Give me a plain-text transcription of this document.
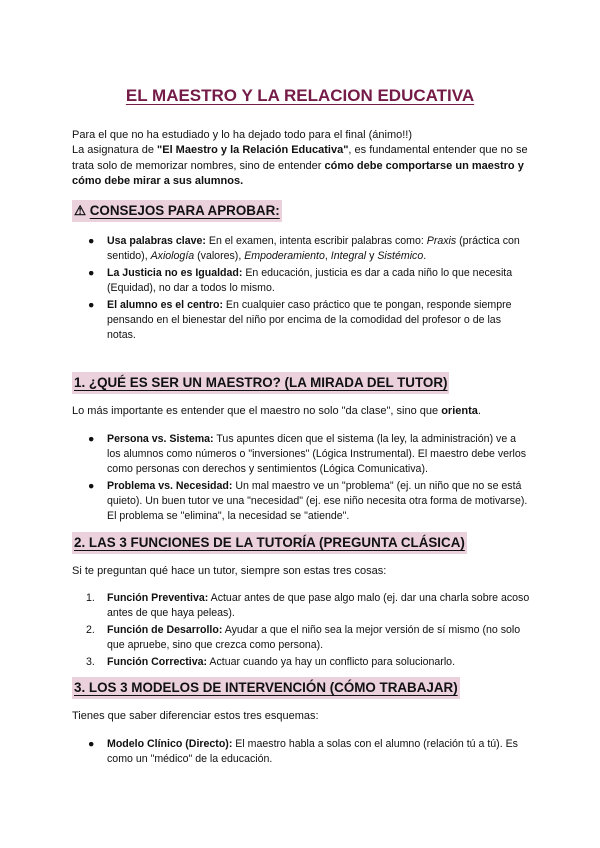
EL MAESTRO Y LA RELACION EDUCATIVA

Para el que no ha estudiado y lo ha dejado todo para el final (ánimo!!)

La asignatura de "El Maestro y la Relación Educativa", es fundamental entender que no se trata solo de memorizar nombres, sino de entender cómo debe comportarse un maestro y cómo debe mirar a sus alumnos.

⚠ CONSEJOS PARA APROBAR:
●	Usa palabras clave: En el examen, intenta escribir palabras como: Praxis (práctica con sentido), Axiología (valores), Empoderamiento, Integral y Sistémico.
●	La Justicia no es Igualdad: En educación, justicia es dar a cada niño lo que necesita (Equidad), no dar a todos lo mismo.
●	El alumno es el centro: En cualquier caso práctico que te pongan, responde siempre pensando en el bienestar del niño por encima de la comodidad del profesor o de las notas.
1. ¿QUÉ ES SER UN MAESTRO? (LA MIRADA DEL TUTOR)

Lo más importante es entender que el maestro no solo "da clase", sino que orienta.

●	Persona vs. Sistema: Tus apuntes dicen que el sistema (la ley, la administración) ve a los alumnos como números o "inversiones" (Lógica Instrumental). El maestro debe verlos como personas con derechos y sentimientos (Lógica Comunicativa).
●	Problema vs. Necesidad: Un mal maestro ve un "problema" (ej. un niño que no se está quieto). Un buen tutor ve una "necesidad" (ej. ese niño necesita otra forma de motivarse). El problema se "elimina", la necesidad se "atiende".
2. LAS 3 FUNCIONES DE LA TUTORÍA (PREGUNTA CLÁSICA)

Si te preguntan qué hace un tutor, siempre son estas tres cosas:

1.	Función Preventiva: Actuar antes de que pase algo malo (ej. dar una charla sobre acoso antes de que haya peleas).
2.	Función de Desarrollo: Ayudar a que el niño sea la mejor versión de sí mismo (no solo que apruebe, sino que crezca como persona).
3.	Función Correctiva: Actuar cuando ya hay un conflicto para solucionarlo.
3. LOS 3 MODELOS DE INTERVENCIÓN (CÓMO TRABAJAR)

Tienes que saber diferenciar estos tres esquemas:

●	Modelo Clínico (Directo): El maestro habla a solas con el alumno (relación tú a tú). Es como un "médico" de la educación.
